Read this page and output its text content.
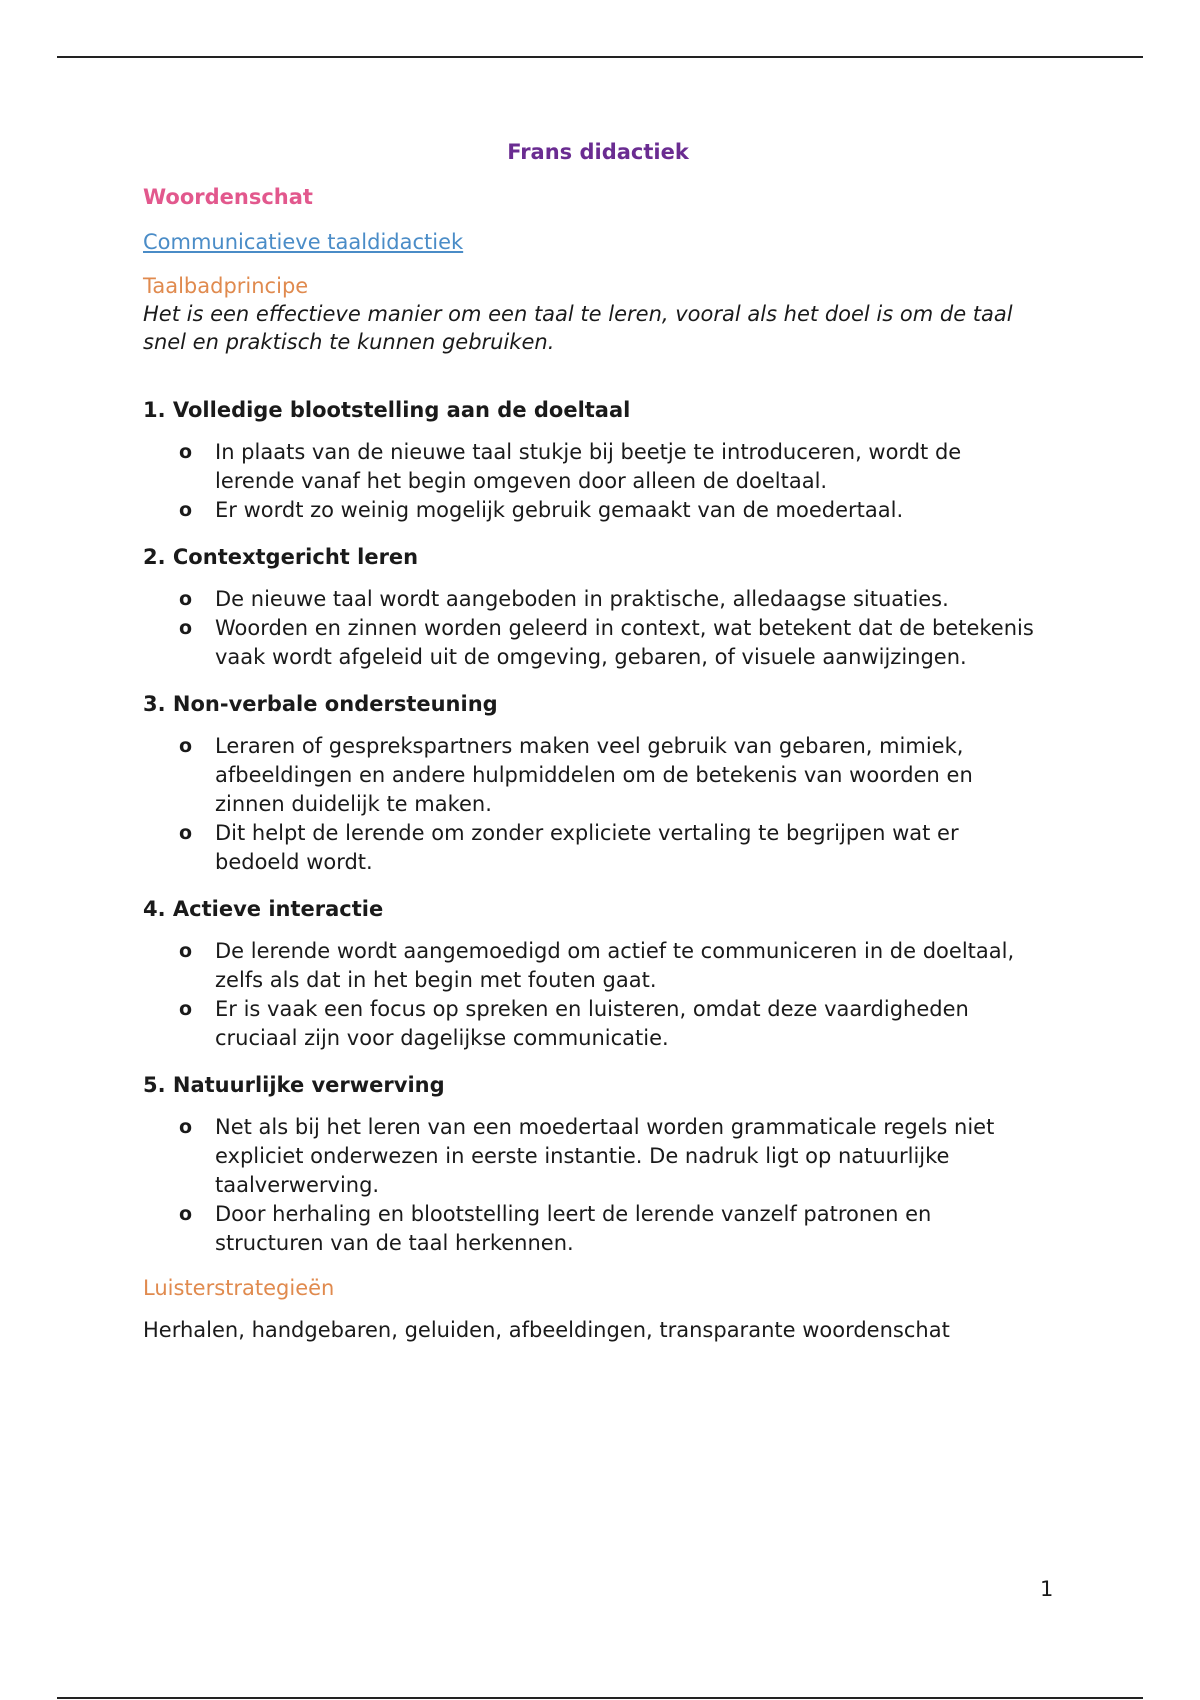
Frans didactiek

Woordenschat

Communicatieve taaldidactiek

Taalbadprincipe

Het is een effectieve manier om een taal te leren, vooral als het doel is om de taal snel en praktisch te kunnen gebruiken.

1. Volledige blootstelling aan de doeltaal

o In plaats van de nieuwe taal stukje bij beetje te introduceren, wordt de lerende vanaf het begin omgeven door alleen de doeltaal.
o Er wordt zo weinig mogelijk gebruik gemaakt van de moedertaal.

2. Contextgericht leren

o De nieuwe taal wordt aangeboden in praktische, alledaagse situaties.
o Woorden en zinnen worden geleerd in context, wat betekent dat de betekenis vaak wordt afgeleid uit de omgeving, gebaren, of visuele aanwijzingen.

3. Non-verbale ondersteuning

o Leraren of gesprekspartners maken veel gebruik van gebaren, mimiek, afbeeldingen en andere hulpmiddelen om de betekenis van woorden en zinnen duidelijk te maken.
o Dit helpt de lerende om zonder expliciete vertaling te begrijpen wat er bedoeld wordt.

4. Actieve interactie

o De lerende wordt aangemoedigd om actief te communiceren in de doeltaal, zelfs als dat in het begin met fouten gaat.
o Er is vaak een focus op spreken en luisteren, omdat deze vaardigheden cruciaal zijn voor dagelijkse communicatie.

5. Natuurlijke verwerving

o Net als bij het leren van een moedertaal worden grammaticale regels niet expliciet onderwezen in eerste instantie. De nadruk ligt op natuurlijke taalverwerving.
o Door herhaling en blootstelling leert de lerende vanzelf patronen en structuren van de taal herkennen.

Luisterstrategieën

Herhalen, handgebaren, geluiden, afbeeldingen, transparante woordenschat

1
